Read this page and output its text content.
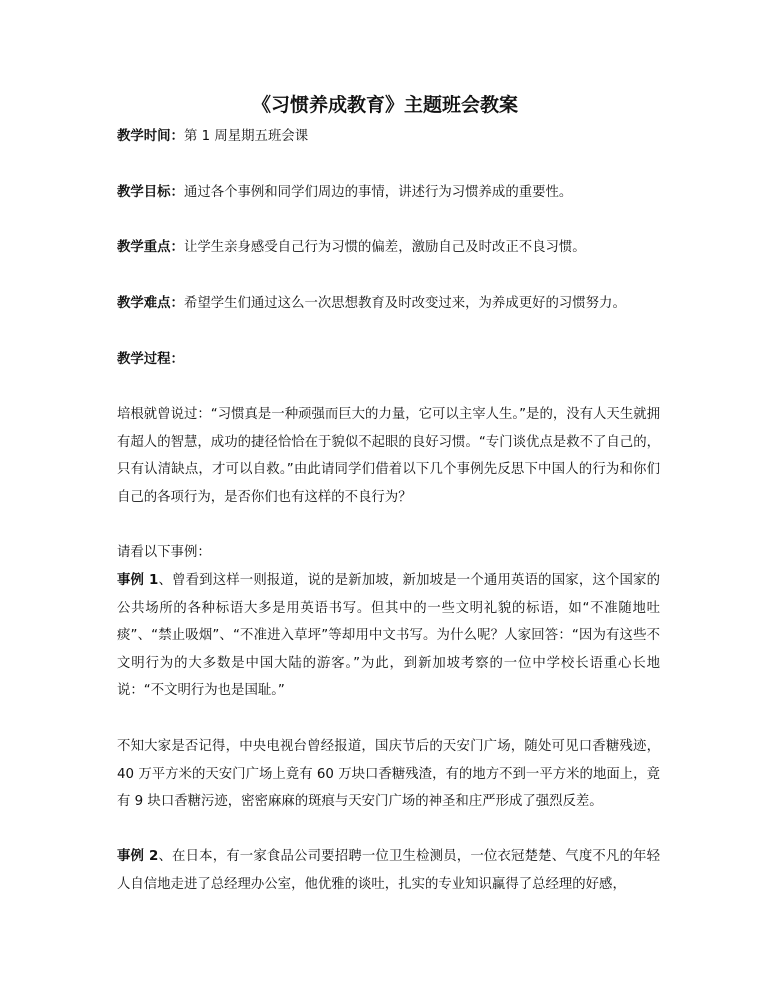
《习惯养成教育》主题班会教案

教学时间：第 1 周星期五班会课

教学目标：通过各个事例和同学们周边的事情，讲述行为习惯养成的重要性。

教学重点：让学生亲身感受自己行为习惯的偏差，激励自己及时改正不良习惯。

教学难点：希望学生们通过这么一次思想教育及时改变过来，为养成更好的习惯努力。

教学过程：

培根就曾说过：“习惯真是一种顽强而巨大的力量，它可以主宰人生。”是的，没有人天生就拥有超人的智慧，成功的捷径恰恰在于貌似不起眼的良好习惯。“专门谈优点是救不了自己的，只有认清缺点，才可以自救。”由此请同学们借着以下几个事例先反思下中国人的行为和你们自己的各项行为，是否你们也有这样的不良行为？

请看以下事例：

事例 1、曾看到这样一则报道，说的是新加坡，新加坡是一个通用英语的国家，这个国家的公共场所的各种标语大多是用英语书写。但其中的一些文明礼貌的标语，如“不准随地吐痰”、“禁止吸烟”、“不准进入草坪”等却用中文书写。为什么呢？人家回答：“因为有这些不文明行为的大多数是中国大陆的游客。”为此，到新加坡考察的一位中学校长语重心长地说：“不文明行为也是国耻。”

不知大家是否记得，中央电视台曾经报道，国庆节后的天安门广场，随处可见口香糖残迹，40 万平方米的天安门广场上竟有 60 万块口香糖残渣，有的地方不到一平方米的地面上，竟有 9 块口香糖污迹，密密麻麻的斑痕与天安门广场的神圣和庄严形成了强烈反差。

事例 2、在日本，有一家食品公司要招聘一位卫生检测员，一位衣冠楚楚、气度不凡的年轻人自信地走进了总经理办公室，他优雅的谈吐，扎实的专业知识赢得了总经理的好感，
